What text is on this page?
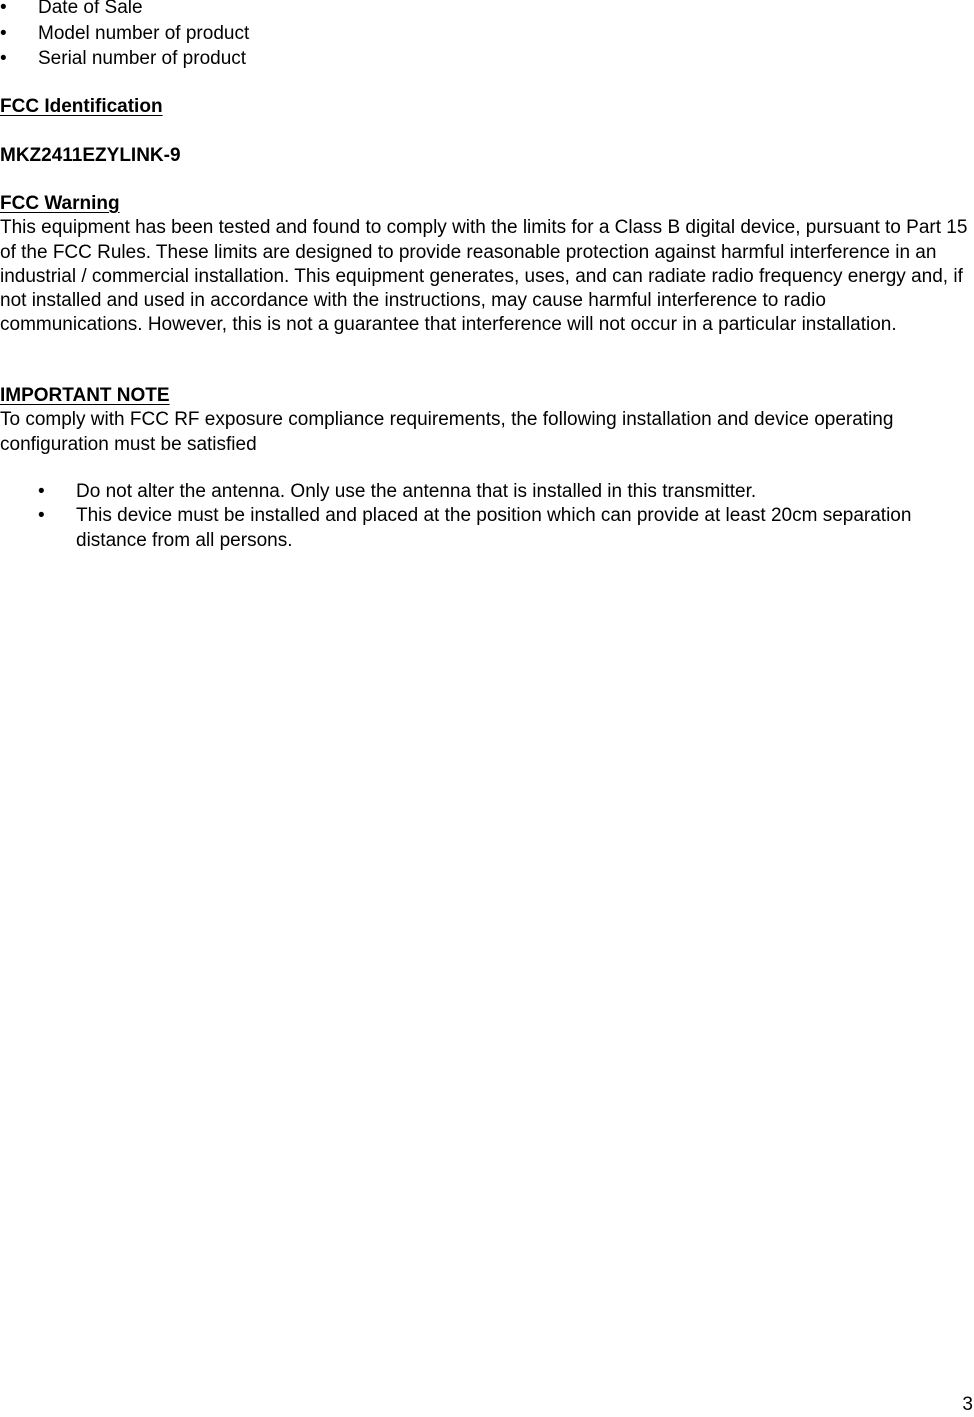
• Date of Sale
• Model number of product
• Serial number of product
FCC Identification
MKZ2411EZYLINK-9
FCC Warning

This equipment has been tested and found to comply with the limits for a Class B digital device, pursuant to Part 15 of the FCC Rules. These limits are designed to provide reasonable protection against harmful interference in an industrial / commercial installation. This equipment generates, uses, and can radiate radio frequency energy and, if not installed and used in accordance with the instructions, may cause harmful interference to radio communications. However, this is not a guarantee that interference will not occur in a particular installation.

IMPORTANT NOTE

To comply with FCC RF exposure compliance requirements, the following installation and device operating configuration must be satisfied

• Do not alter the antenna. Only use the antenna that is installed in this transmitter.
• This device must be installed and placed at the position which can provide at least 20cm separation distance from all persons.
3
